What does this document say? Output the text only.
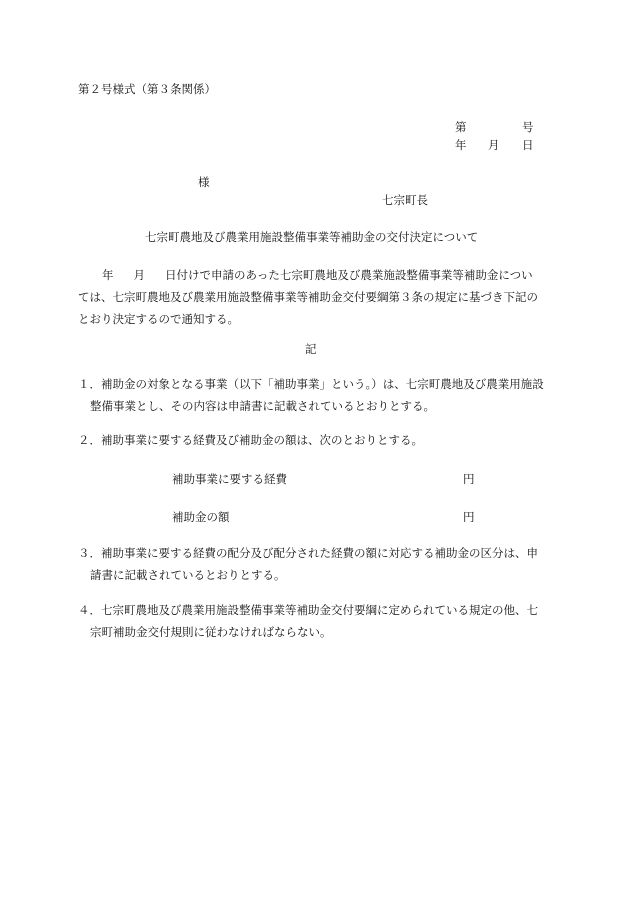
第２号様式（第３条関係）
第	号
年 月 日
様
七宗町長
七宗町農地及び農業用施設整備事業等補助金の交付決定について

年 月 日付けで申請のあった七宗町農地及び農業施設整備事業等補助金につい

ては、七宗町農地及び農業用施設整備事業等補助金交付要綱第３条の規定に基づき下記の

とおり決定するので通知する。

記

１．補助金の対象となる事業（以下「補助事業」という。）は、七宗町農地及び農業用施設

整備事業とし、その内容は申請書に記載されているとおりとする。

２．補助事業に要する経費及び補助金の額は、次のとおりとする。

補助事業に要する経費	円
補助金の額	円

３．補助事業に要する経費の配分及び配分された経費の額に対応する補助金の区分は、申

請書に記載されているとおりとする。

４．七宗町農地及び農業用施設整備事業等補助金交付要綱に定められている規定の他、七

宗町補助金交付規則に従わなければならない。
